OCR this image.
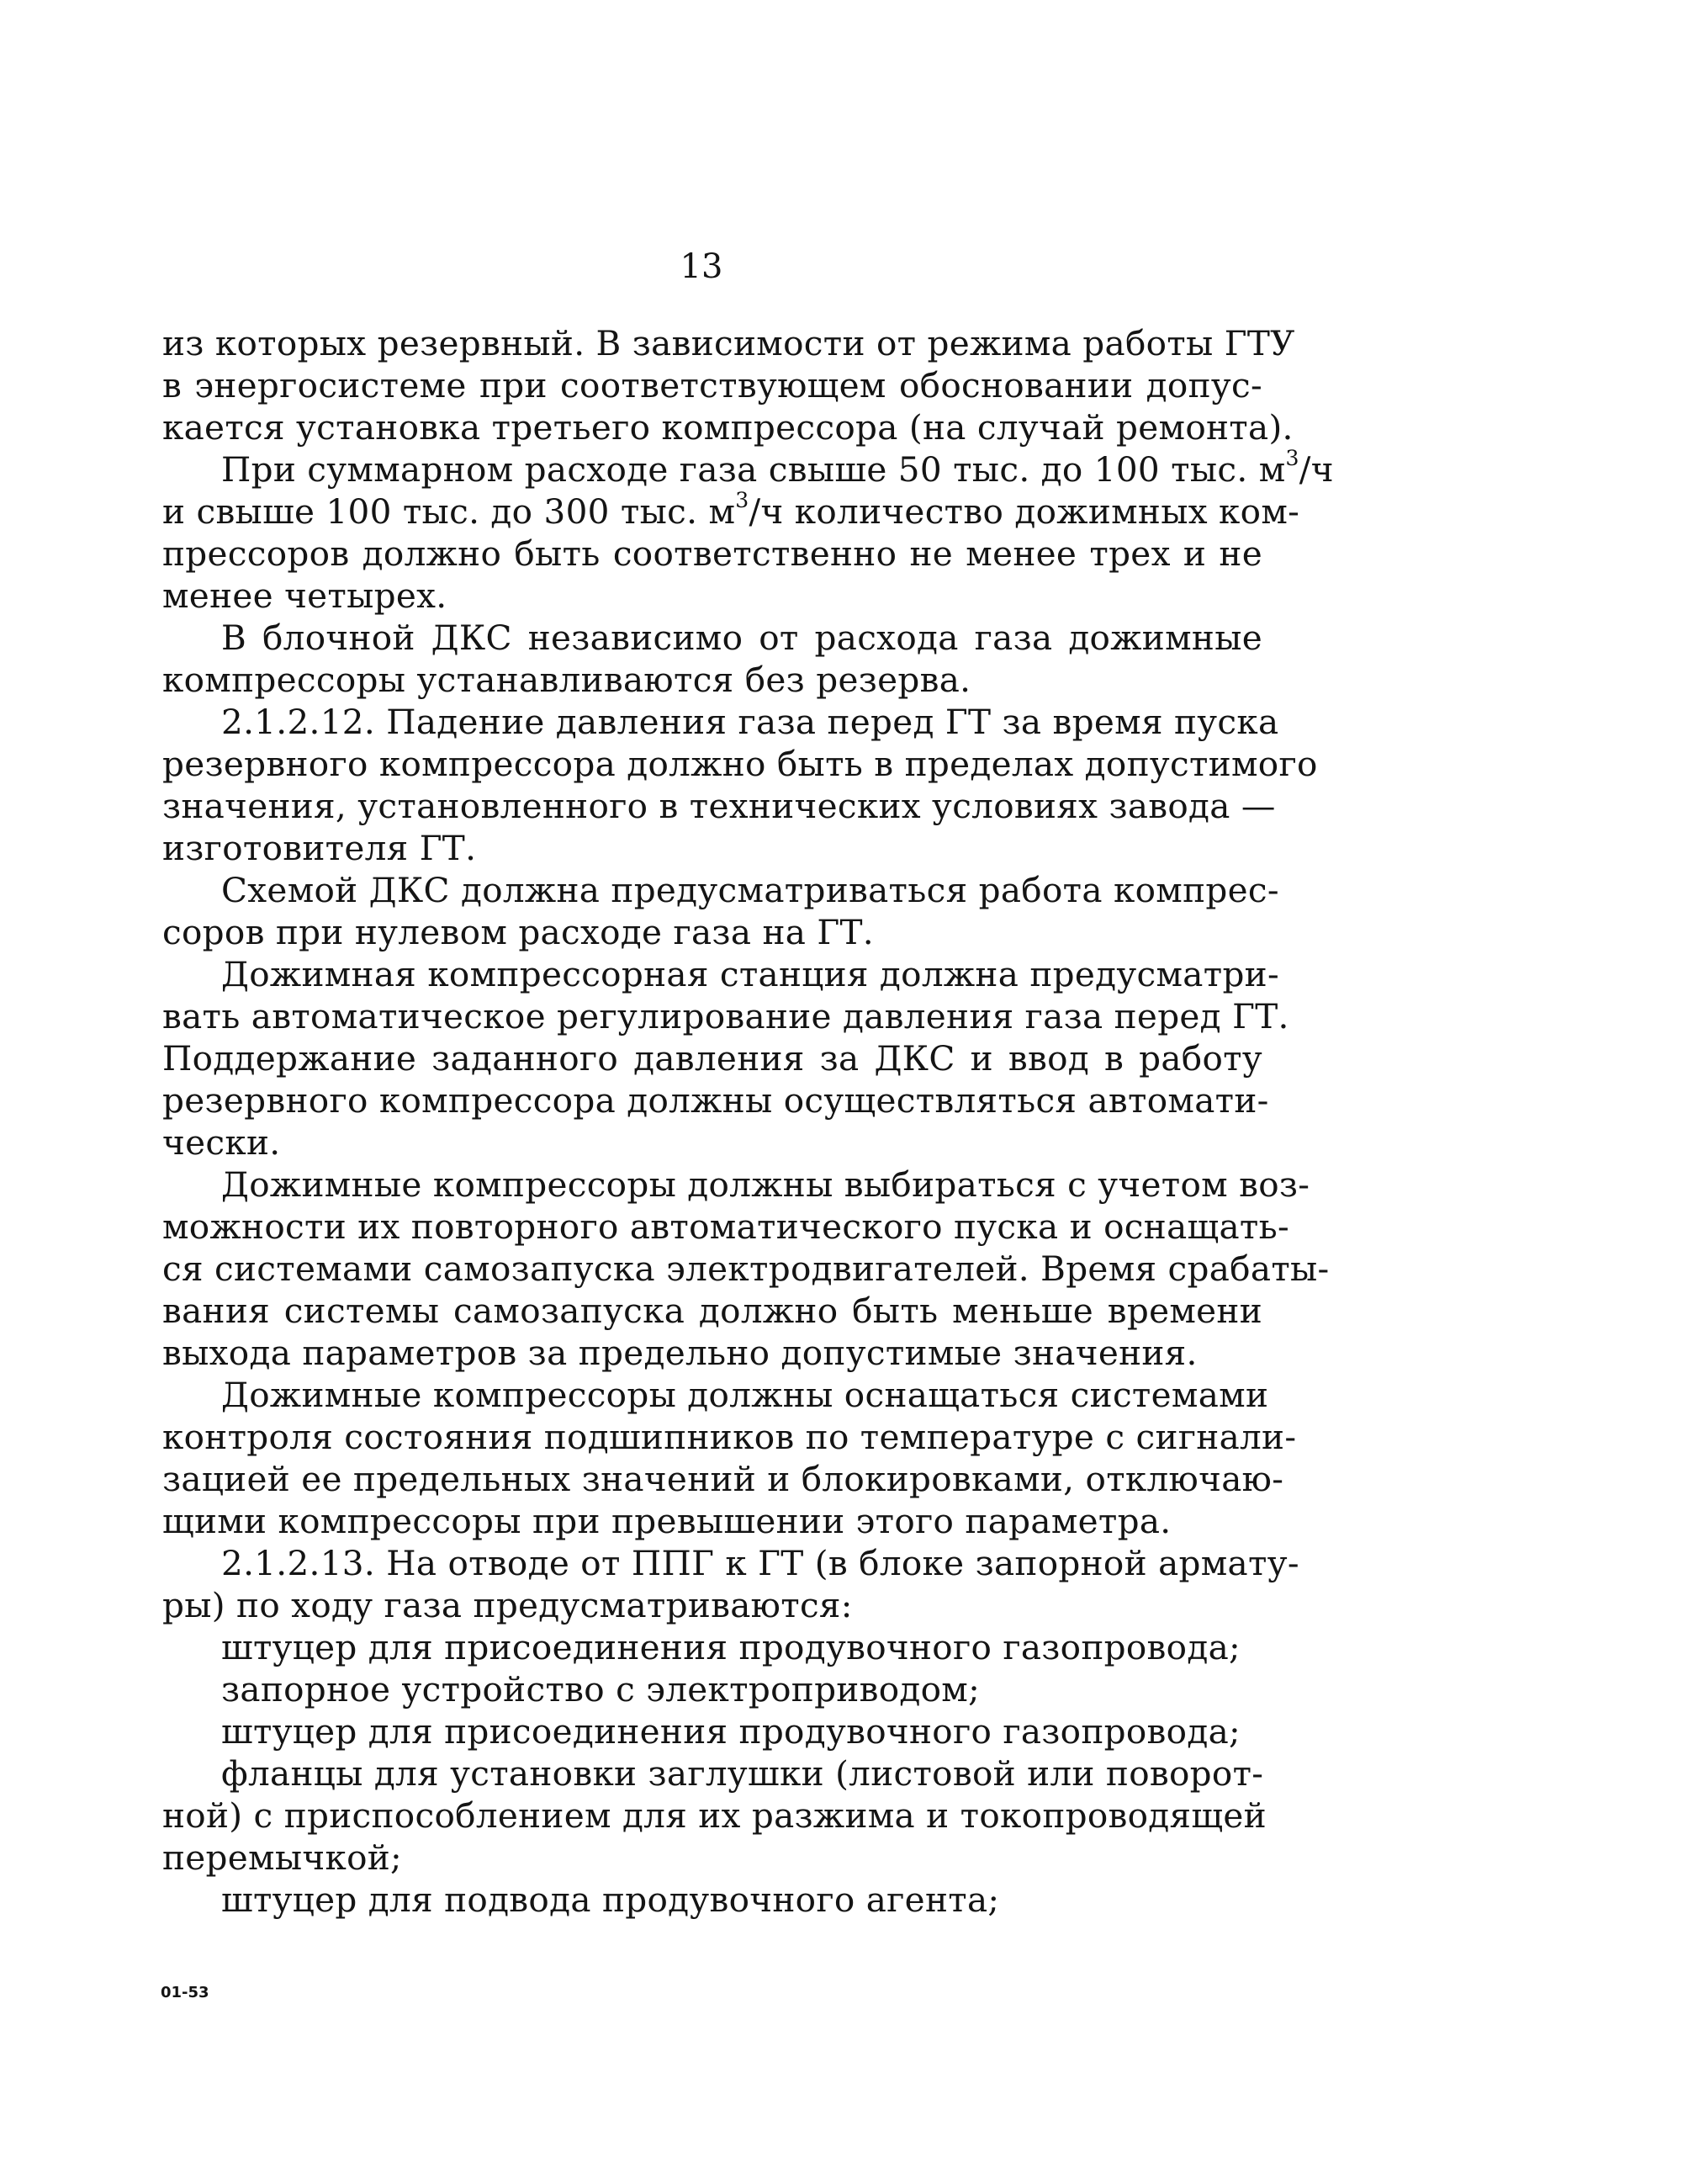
13
из которых резервный. В зависимости от режима работы ГТУ
в энергосистеме при соответствующем обосновании допус-
кается установка третьего компрессора (на случай ремонта).
При суммарном расходе газа свыше 50 тыс. до 100 тыс. $м^3/ч$
и свыше 100 тыс. до 300 тыс. $м^3/ч$ количество дожимных ком-
прессоров должно быть соответственно не менее трех и не
менее четырех.
В блочной ДКС независимо от расхода газа дожимные
компрессоры устанавливаются без резерва.
2.1.2.12. Падение давления газа перед ГТ за время пуска
резервного компрессора должно быть в пределах допустимого
значения, установленного в технических условиях завода —
изготовителя ГТ.
Схемой ДКС должна предусматриваться работа компрес-
соров при нулевом расходе газа на ГТ.
Дожимная компрессорная станция должна предусматри-
вать автоматическое регулирование давления газа перед ГТ.
Поддержание заданного давления за ДКС и ввод в работу
резервного компрессора должны осуществляться автомати-
чески.
Дожимные компрессоры должны выбираться с учетом воз-
можности их повторного автоматического пуска и оснащать-
ся системами самозапуска электродвигателей. Время срабаты-
вания системы самозапуска должно быть меньше времени
выхода параметров за предельно допустимые значения.
Дожимные компрессоры должны оснащаться системами
контроля состояния подшипников по температуре с сигнали-
зацией ее предельных значений и блокировками, отключаю-
щими компрессоры при превышении этого параметра.
2.1.2.13. На отводе от ППГ к ГТ (в блоке запорной армату-
ры) по ходу газа предусматриваются:
штуцер для присоединения продувочного газопровода;
запорное устройство с электроприводом;
штуцер для присоединения продувочного газопровода;
фланцы для установки заглушки (листовой или поворот-
ной) с приспособлением для их разжима и токопроводящей
перемычкой;
штуцер для подвода продувочного агента;
01-53
